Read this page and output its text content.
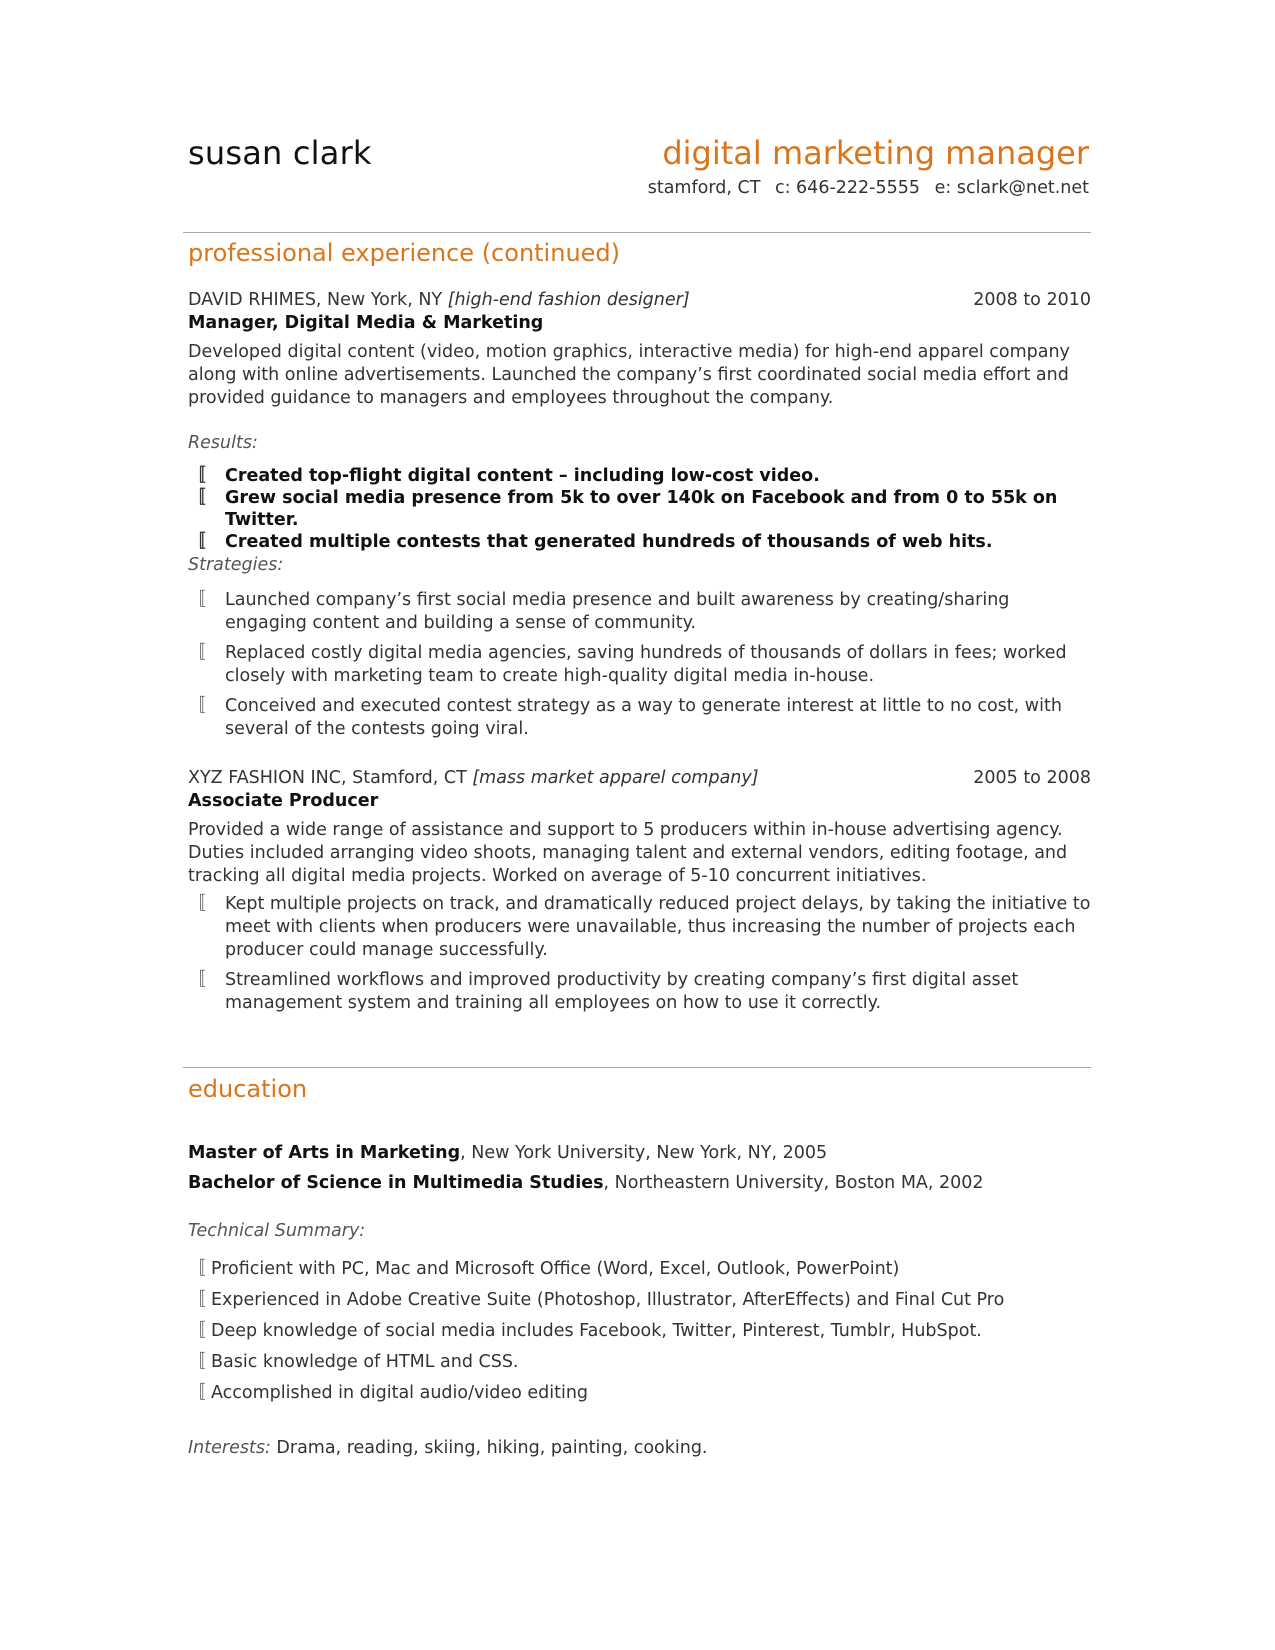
susan clark	digital marketing manager
stamford, CT c: 646-222-5555 e: sclark@net.net
professional experience (continued)
DAVID RHIMES, New York, NY [high-end fashion designer]	2008 to 2010
Manager, Digital Media & Marketing
Developed digital content (video, motion graphics, interactive media) for high-end apparel company along with online advertisements. Launched the company’s first coordinated social media effort and provided guidance to managers and employees throughout the company.
Results:
〚 Created top-flight digital content – including low-cost video.
〚 Grew social media presence from 5k to over 140k on Facebook and from 0 to 55k on Twitter.
〚 Created multiple contests that generated hundreds of thousands of web hits.
Strategies:
〚 Launched company’s first social media presence and built awareness by creating/sharing engaging content and building a sense of community.
〚 Replaced costly digital media agencies, saving hundreds of thousands of dollars in fees; worked closely with marketing team to create high-quality digital media in-house.
〚 Conceived and executed contest strategy as a way to generate interest at little to no cost, with several of the contests going viral.
XYZ FASHION INC, Stamford, CT [mass market apparel company]	2005 to 2008
Associate Producer
Provided a wide range of assistance and support to 5 producers within in-house advertising agency. Duties included arranging video shoots, managing talent and external vendors, editing footage, and tracking all digital media projects. Worked on average of 5-10 concurrent initiatives.
〚 Kept multiple projects on track, and dramatically reduced project delays, by taking the initiative to meet with clients when producers were unavailable, thus increasing the number of projects each producer could manage successfully.
〚 Streamlined workflows and improved productivity by creating company’s first digital asset management system and training all employees on how to use it correctly.
education
Master of Arts in Marketing, New York University, New York, NY, 2005
Bachelor of Science in Multimedia Studies, Northeastern University, Boston MA, 2002
Technical Summary:
〚 Proficient with PC, Mac and Microsoft Office (Word, Excel, Outlook, PowerPoint)
〚 Experienced in Adobe Creative Suite (Photoshop, Illustrator, AfterEffects) and Final Cut Pro
〚 Deep knowledge of social media includes Facebook, Twitter, Pinterest, Tumblr, HubSpot.
〚 Basic knowledge of HTML and CSS.
〚 Accomplished in digital audio/video editing
Interests: Drama, reading, skiing, hiking, painting, cooking.
